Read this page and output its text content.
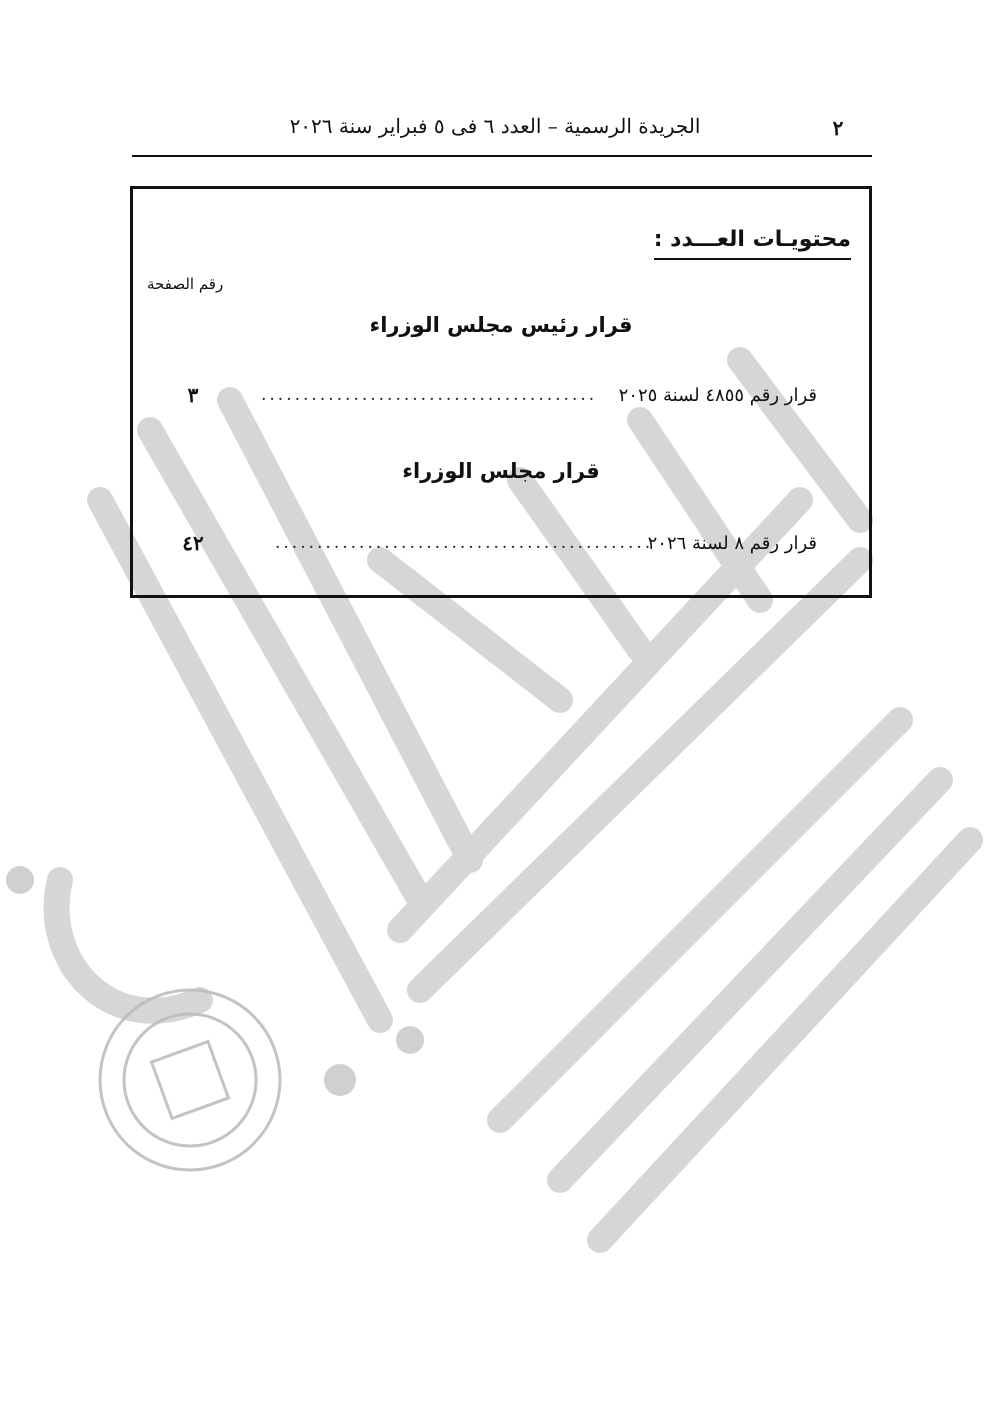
٢
الجريدة الرسمية – العدد ٦ فى ٥ فبراير سنة ٢٠٢٦
محتويـات العـــدد :
رقم الصفحة
قرار رئيس مجلس الوزراء
قرار رقم ٤٨٥٥ لسنة ٢٠٢٥
........................................
٣
قرار مجلس الوزراء
قرار رقم ٨ لسنة ٢٠٢٦
.............................................
٤٢
